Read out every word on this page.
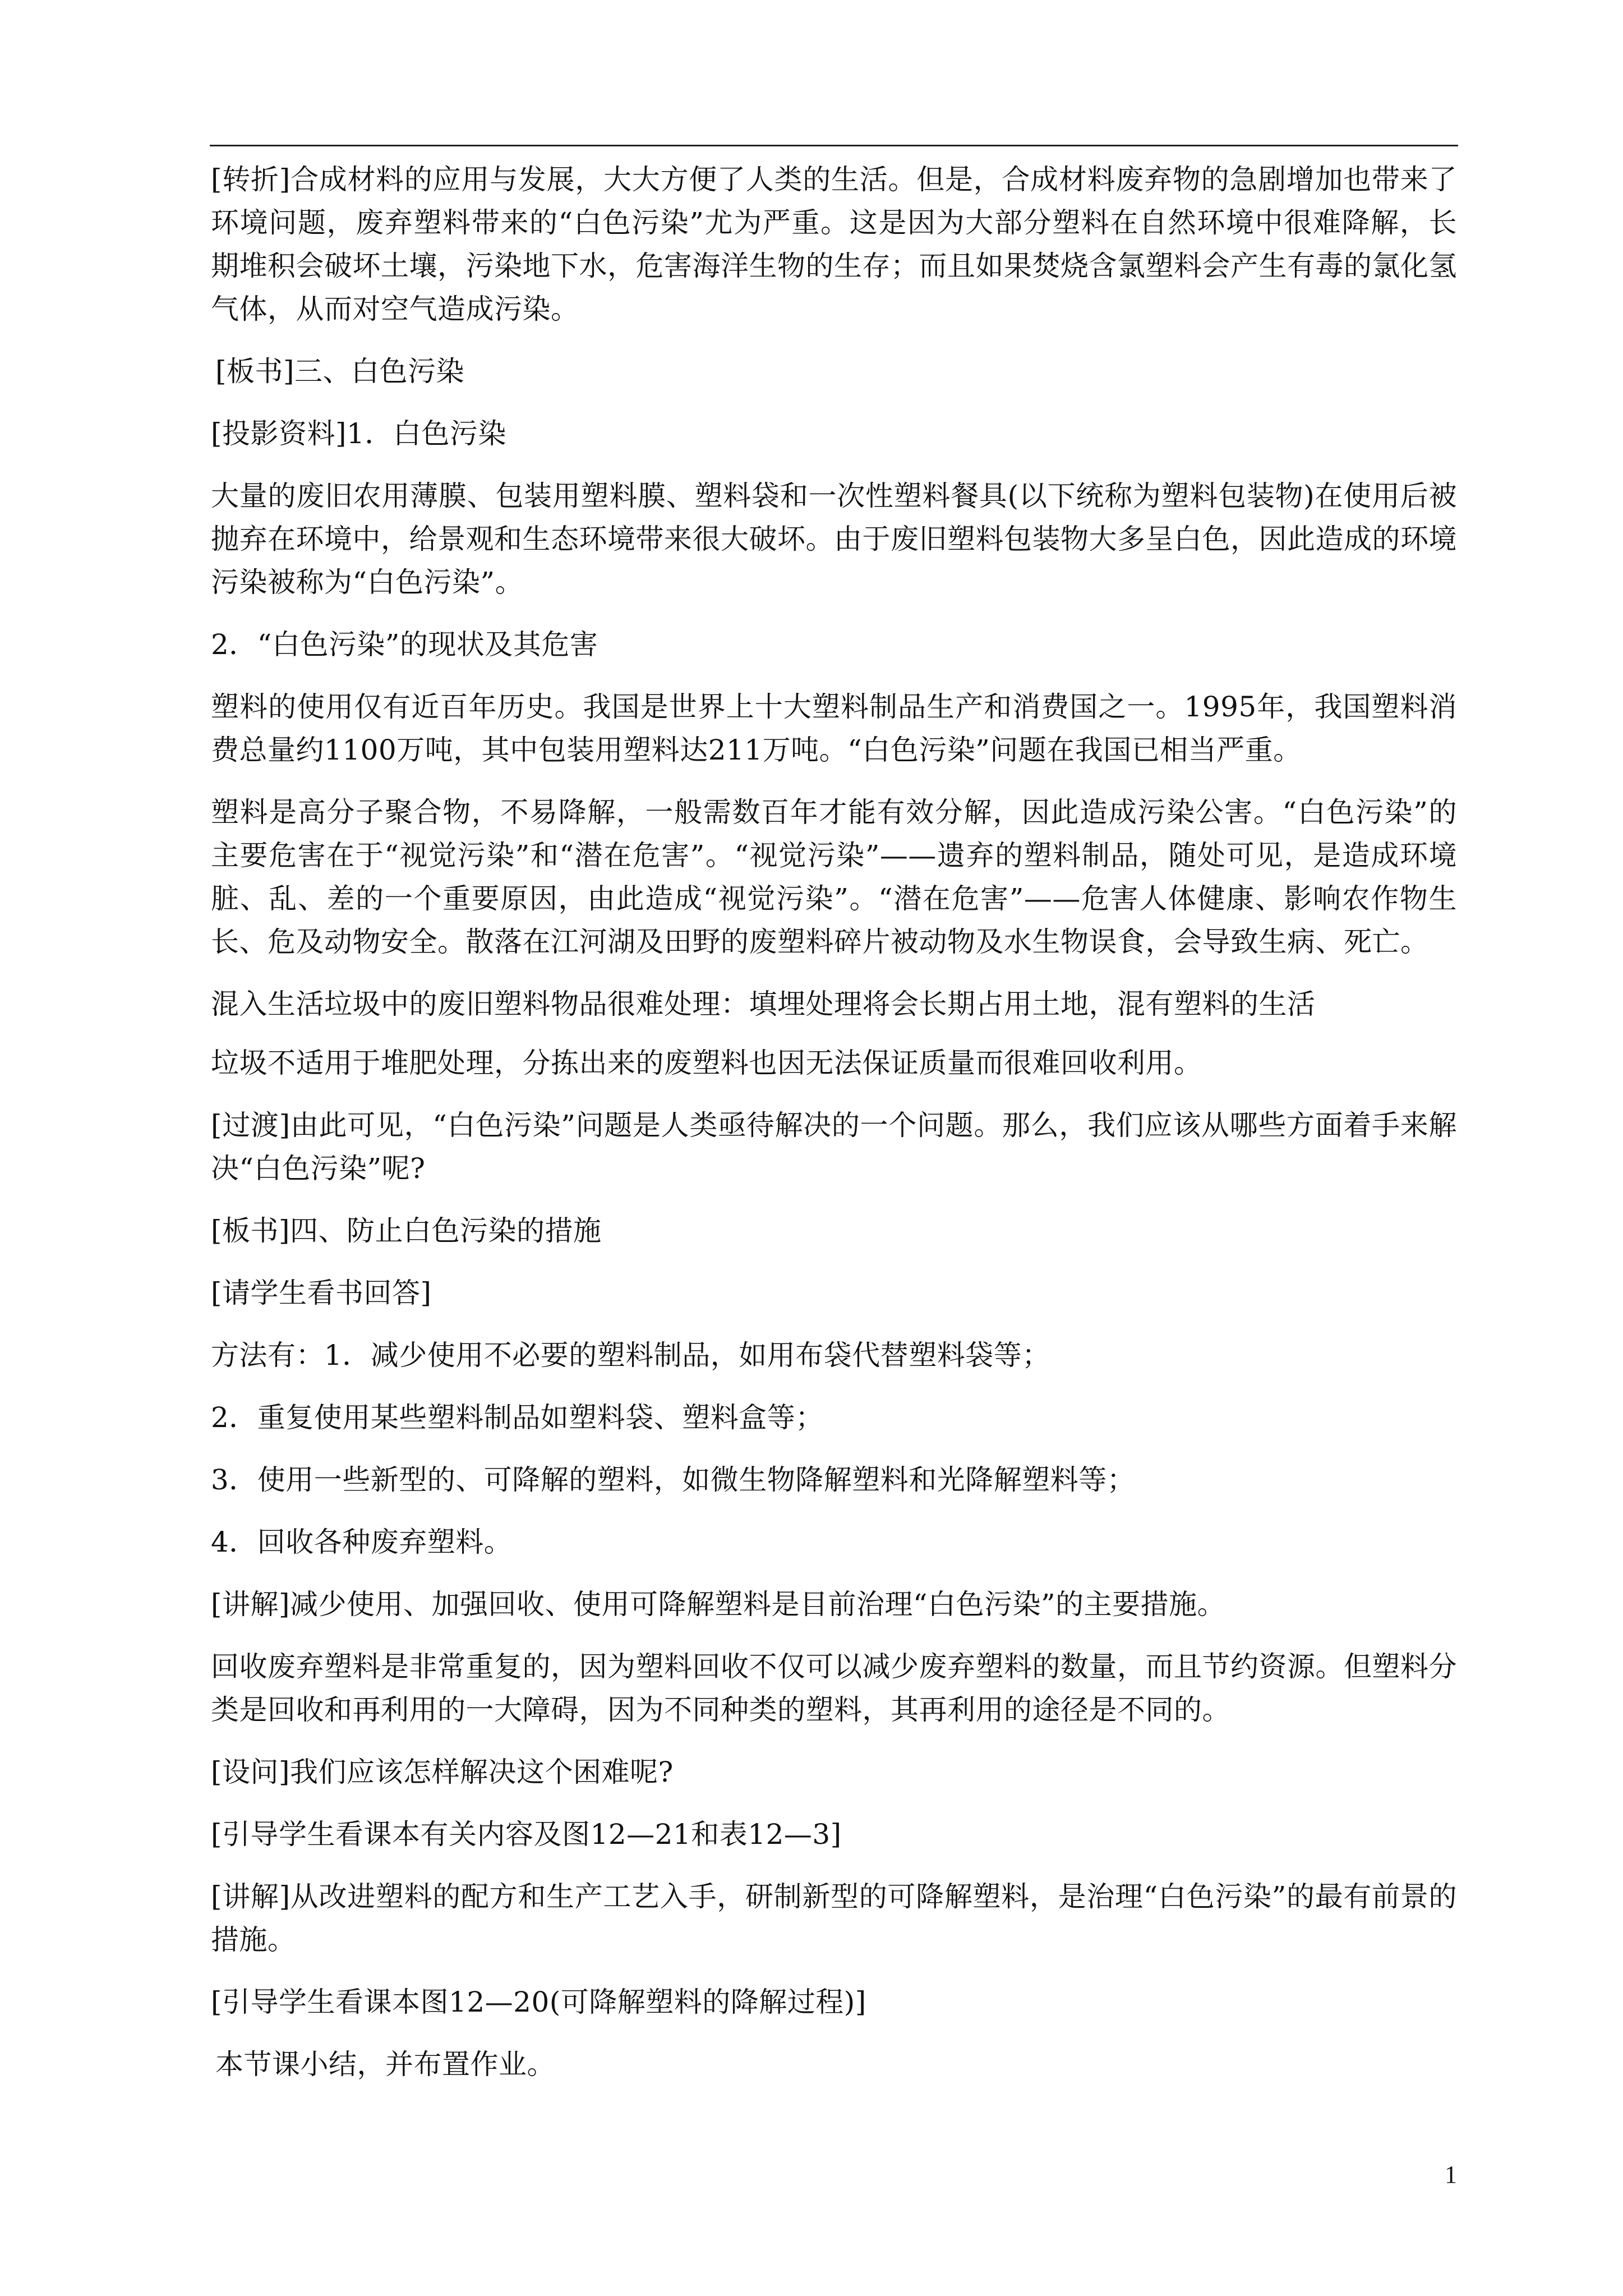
[转折]合成材料的应用与发展，大大方便了人类的生活。但是，合成材料废弃物的急剧增加也带来了环境问题，废弃塑料带来的“白色污染”尤为严重。这是因为大部分塑料在自然环境中很难降解，长期堆积会破坏土壤，污染地下水，危害海洋生物的生存；而且如果焚烧含氯塑料会产生有毒的氯化氢气体，从而对空气造成污染。

[板书]三、白色污染

[投影资料]1．白色污染

大量的废旧农用薄膜、包装用塑料膜、塑料袋和一次性塑料餐具(以下统称为塑料包装物)在使用后被抛弃在环境中，给景观和生态环境带来很大破坏。由于废旧塑料包装物大多呈白色，因此造成的环境污染被称为“白色污染”。

2．“白色污染”的现状及其危害

塑料的使用仅有近百年历史。我国是世界上十大塑料制品生产和消费国之一。1995年，我国塑料消费总量约1100万吨，其中包装用塑料达211万吨。“白色污染”问题在我国已相当严重。

塑料是高分子聚合物，不易降解，一般需数百年才能有效分解，因此造成污染公害。“白色污染”的主要危害在于“视觉污染”和“潜在危害”。“视觉污染”——遗弃的塑料制品，随处可见，是造成环境脏、乱、差的一个重要原因，由此造成“视觉污染”。“潜在危害”——危害人体健康、影响农作物生长、危及动物安全。散落在江河湖及田野的废塑料碎片被动物及水生物误食，会导致生病、死亡。

混入生活垃圾中的废旧塑料物品很难处理：填埋处理将会长期占用土地，混有塑料的生活

垃圾不适用于堆肥处理，分拣出来的废塑料也因无法保证质量而很难回收利用。

[过渡]由此可见，“白色污染”问题是人类亟待解决的一个问题。那么，我们应该从哪些方面着手来解决“白色污染”呢?

[板书]四、防止白色污染的措施

[请学生看书回答]

方法有：1．减少使用不必要的塑料制品，如用布袋代替塑料袋等；

2．重复使用某些塑料制品如塑料袋、塑料盒等；

3．使用一些新型的、可降解的塑料，如微生物降解塑料和光降解塑料等；

4．回收各种废弃塑料。

[讲解]减少使用、加强回收、使用可降解塑料是目前治理“白色污染”的主要措施。

回收废弃塑料是非常重复的，因为塑料回收不仅可以减少废弃塑料的数量，而且节约资源。但塑料分类是回收和再利用的一大障碍，因为不同种类的塑料，其再利用的途径是不同的。

[设问]我们应该怎样解决这个困难呢?

[引导学生看课本有关内容及图12—21和表12—3]

[讲解]从改进塑料的配方和生产工艺入手，研制新型的可降解塑料，是治理“白色污染”的最有前景的措施。

[引导学生看课本图12—20(可降解塑料的降解过程)]

本节课小结，并布置作业。

1
